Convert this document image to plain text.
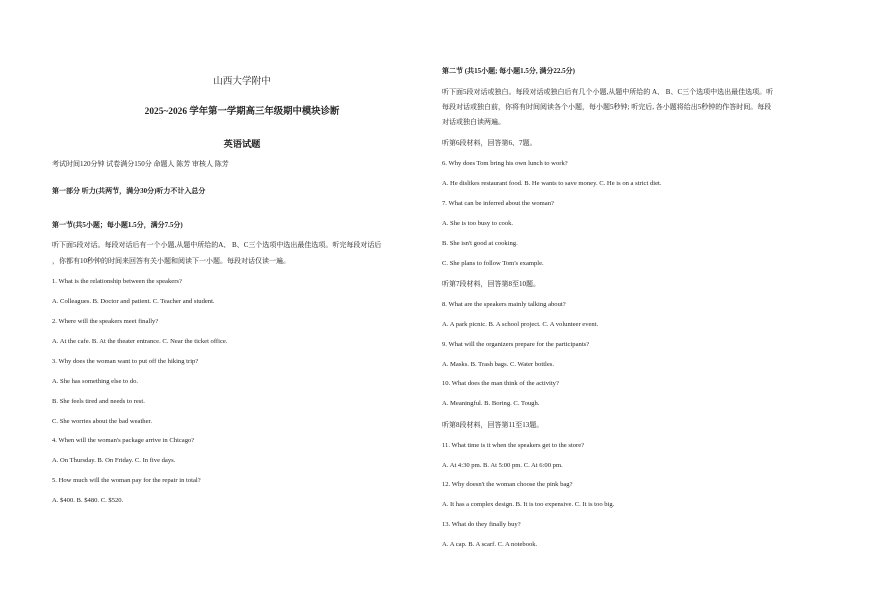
山西大学附中
2025~2026 学年第一学期高三年级期中模块诊断
英语试题
考试时间120分钟 试卷满分150分 命题人 陈芳 审核人 陈芳
第一部分 听力(共两节，满分30分)听力不计入总分
第一节(共5小题；每小题1.5分，满分7.5分)
听下面5段对话。每段对话后有一个小题,从题中所给的A、 B、C三个选项中选出最佳选项。听完每段对话后
，你都有10秒钟的时间来回答有关小题和阅读下一小题。每段对话仅读一遍。
1. What is the relationship between the speakers?
A. Colleagues. B. Doctor and patient. C. Teacher and student.
2. Where will the speakers meet finally?
A. At the cafe. B. At the theater entrance. C. Near the ticket office.
3. Why does the woman want to put off the hiking trip?
A. She has something else to do.
B. She feels tired and needs to rest.
C. She worries about the bad weather.
4. When will the woman's package arrive in Chicago?
A. On Thursday. B. On Friday. C. In five days.
5. How much will the woman pay for the repair in total?
A. $400. B. $480. C. $520.
第二节 (共15小题; 每小题1.5分, 满分22.5分)
听下面5段对话或独白。每段对话或独白后有几个小题,从题中所给的 A、 B、C三个选项中选出最佳选项。听
每段对话或独白前，你将有时间阅读各个小题，每小题5秒钟; 听完后, 各小题将给出5秒钟的作答时间。每段
对话或独白读两遍。
听第6段材料，回答第6、7题。
6. Why does Tom bring his own lunch to work?
A. He dislikes restaurant food. B. He wants to save money. C. He is on a strict diet.
7. What can be inferred about the woman?
A. She is too busy to cook.
B. She isn't good at cooking.
C. She plans to follow Tom's example.
听第7段材料，回答第8至10题。
8. What are the speakers mainly talking about?
A. A park picnic. B. A school project. C. A volunteer event.
9. What will the organizers prepare for the participants?
A. Masks. B. Trash bags. C. Water bottles.
10. What does the man think of the activity?
A. Meaningful. B. Boring. C. Tough.
听第8段材料，回答第11至13题。
11. What time is it when the speakers get to the store?
A. At 4:30 pm. B. At 5:00 pm. C. At 6:00 pm.
12. Why doesn't the woman choose the pink bag?
A. It has a complex design. B. It is too expensive. C. It is too big.
13. What do they finally buy?
A. A cap. B. A scarf. C. A notebook.
